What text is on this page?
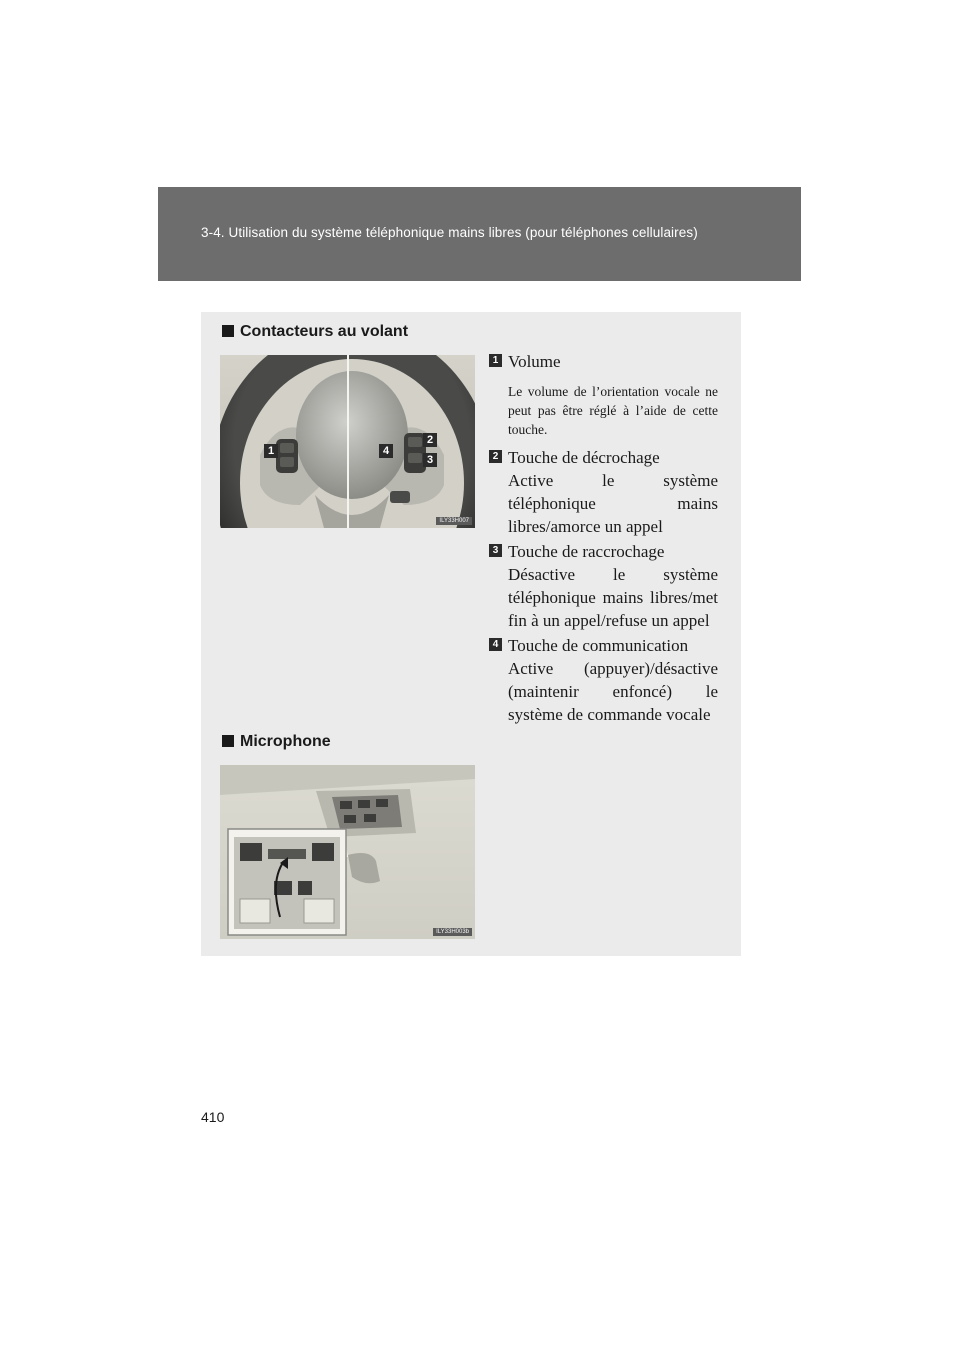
3-4. Utilisation du système téléphonique mains libres (pour téléphones cellulaires)
Contacteurs au volant
1	4
2
3
ILY33H007
1 Volume
Le volume de l’orientation vocale ne peut pas être réglé à l’aide de cette touche.
2 Touche de décrochage
Active le système téléphonique mains libres/amorce un appel
3 Touche de raccrochage
Désactive le système téléphonique mains libres/met fin à un appel/refuse un appel
4 Touche de communication
Active (appuyer)/désactive (maintenir enfoncé) le système de commande vocale
Microphone
ILY33H003b
410
